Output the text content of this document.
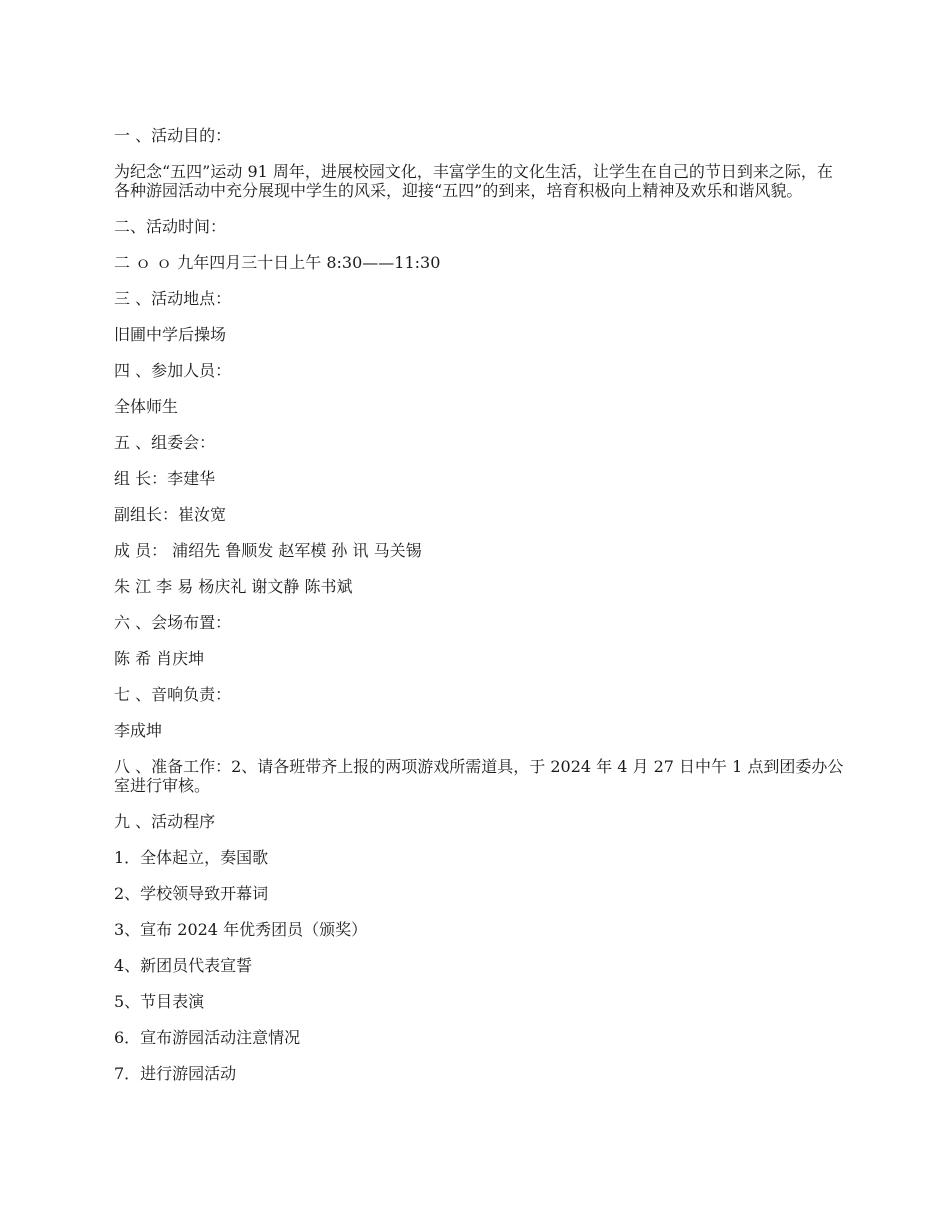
一 、活动目的：

为纪念“五四”运动 91 周年，进展校园文化，丰富学生的文化生活，让学生在自己的节日到来之际，在各种游园活动中充分展现中学生的风采，迎接“五四”的到来，培育积极向上精神及欢乐和谐风貌。

二、活动时间：

二 ｏ ｏ 九年四月三十日上午 8:30——11:30

三 、活动地点：

旧圃中学后操场

四 、参加人员：

全体师生

五 、组委会：

组 长：李建华

副组长：崔汝宽

成 员： 浦绍先 鲁顺发 赵军模 孙 讯 马关锡

朱 江 李 易 杨庆礼 谢文静 陈书斌

六 、会场布置：

陈 希 肖庆坤

七 、音响负责：

李成坤

八 、准备工作：2、请各班带齐上报的两项游戏所需道具，于 2024 年 4 月 27 日中午 1 点到团委办公室进行审核。

九 、活动程序

1．全体起立，奏国歌

2、学校领导致开幕词

3、宣布 2024 年优秀团员（颁奖）

4、新团员代表宣誓

5、节目表演

6．宣布游园活动注意情况

7．进行游园活动
